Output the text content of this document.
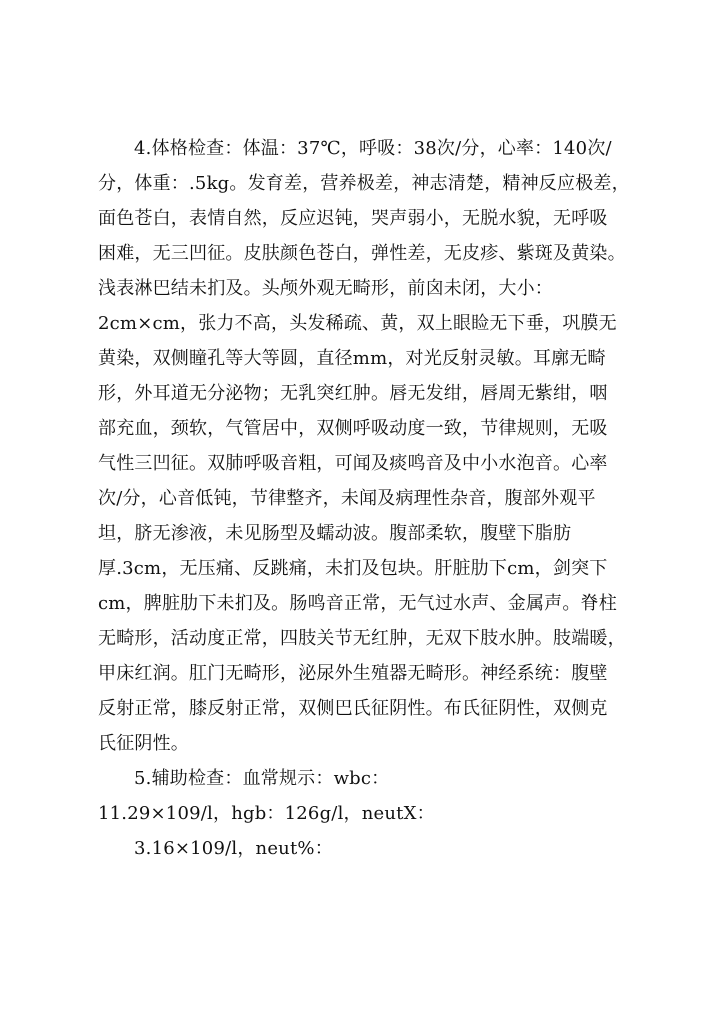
4.体格检查：体温：37℃，呼吸：38次/分，心率：140次/
分，体重：.5kg。发育差，营养极差，神志清楚，精神反应极差，
面色苍白，表情自然，反应迟钝，哭声弱小，无脱水貌，无呼吸
困难，无三凹征。皮肤颜色苍白，弹性差，无皮疹、紫斑及黄染。
浅表淋巴结未扪及。头颅外观无畸形，前囟未闭，大小：
2cm×cm，张力不高，头发稀疏、黄，双上眼睑无下垂，巩膜无
黄染，双侧瞳孔等大等圆，直径mm，对光反射灵敏。耳廓无畸
形，外耳道无分泌物；无乳突红肿。唇无发绀，唇周无紫绀，咽
部充血，颈软，气管居中，双侧呼吸动度一致，节律规则，无吸
气性三凹征。双肺呼吸音粗，可闻及痰鸣音及中小水泡音。心率
次/分，心音低钝，节律整齐，未闻及病理性杂音，腹部外观平
坦，脐无渗液，未见肠型及蠕动波。腹部柔软，腹壁下脂肪
厚.3cm，无压痛、反跳痛，未扪及包块。肝脏肋下cm，剑突下
cm，脾脏肋下未扪及。肠鸣音正常，无气过水声、金属声。脊柱
无畸形，活动度正常，四肢关节无红肿，无双下肢水肿。肢端暖，
甲床红润。肛门无畸形，泌尿外生殖器无畸形。神经系统：腹壁
反射正常，膝反射正常，双侧巴氏征阴性。布氏征阴性，双侧克
氏征阴性。
5.辅助检查：血常规示：wbc：
11.29×109/l，hgb：126g/l，neutX：
3.16×109/l，neut%：
